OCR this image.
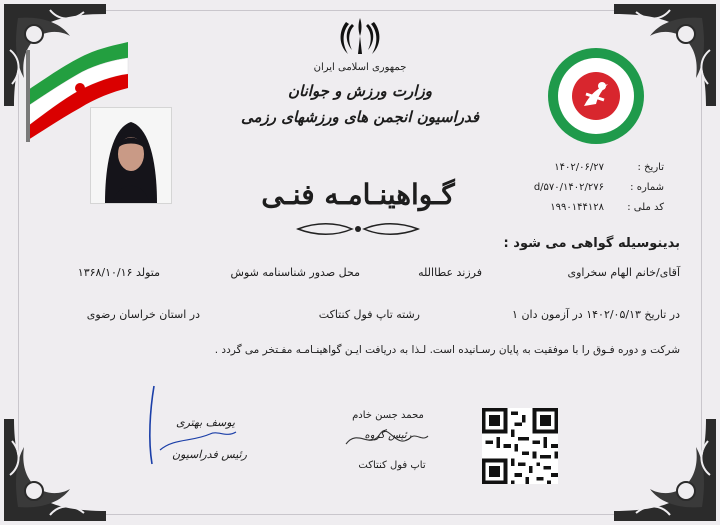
جمهوری اسلامی ایران
وزارت ورزش و جوانان
فدراسیون انجمن های ورزشهای رزمی
تاریخ :
۱۴۰۲/۰۶/۲۷
شماره :
۱۴۰۲/۲۷۶/d/۵۷۰
کد ملی :
۱۹۹۰۱۴۴۱۲۸
گـواهینـامـه فنـی
بدینوسیله گواهی می شود :
آقای/خانم الهام سخراوی
فرزند عطاالله
محل صدور شناسنامه شوش
متولد ۱۳۶۸/۱۰/۱۶
در تاریخ ۱۴۰۲/۰۵/۱۳ در آزمون دان ۱
رشته تاپ فول کنتاکت
در استان خراسان رضوی
شرکت و دوره فـوق را با موفقیت به پایان رسـانیده است. لـذا به دریافت ایـن گواهینـامـه مفـتخر می گردد .
یوسف بهتری
رئیس فدراسیون
محمد جسن خادم
رئیس گروه
تاپ فول کنتاکت
